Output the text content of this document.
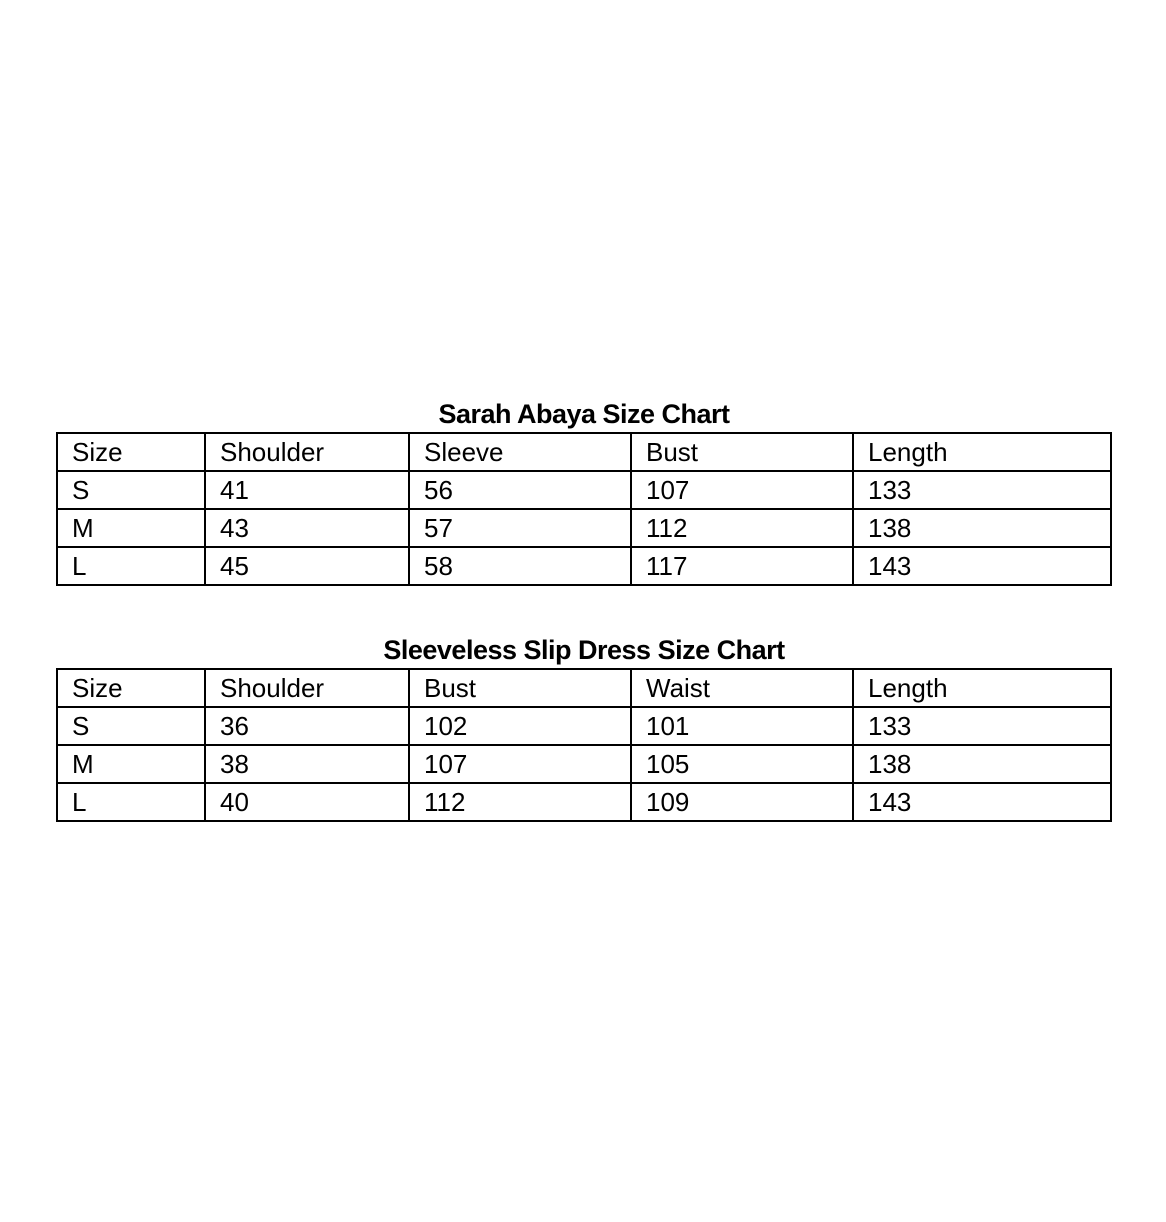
Sarah Abaya Size Chart
Size	Shoulder	Sleeve	Bust	Length
S	41	56	107	133
M	43	57	112	138
L	45	58	117	143
Sleeveless Slip Dress Size Chart
Size	Shoulder	Bust	Waist	Length
S	36	102	101	133
M	38	107	105	138
L	40	112	109	143
